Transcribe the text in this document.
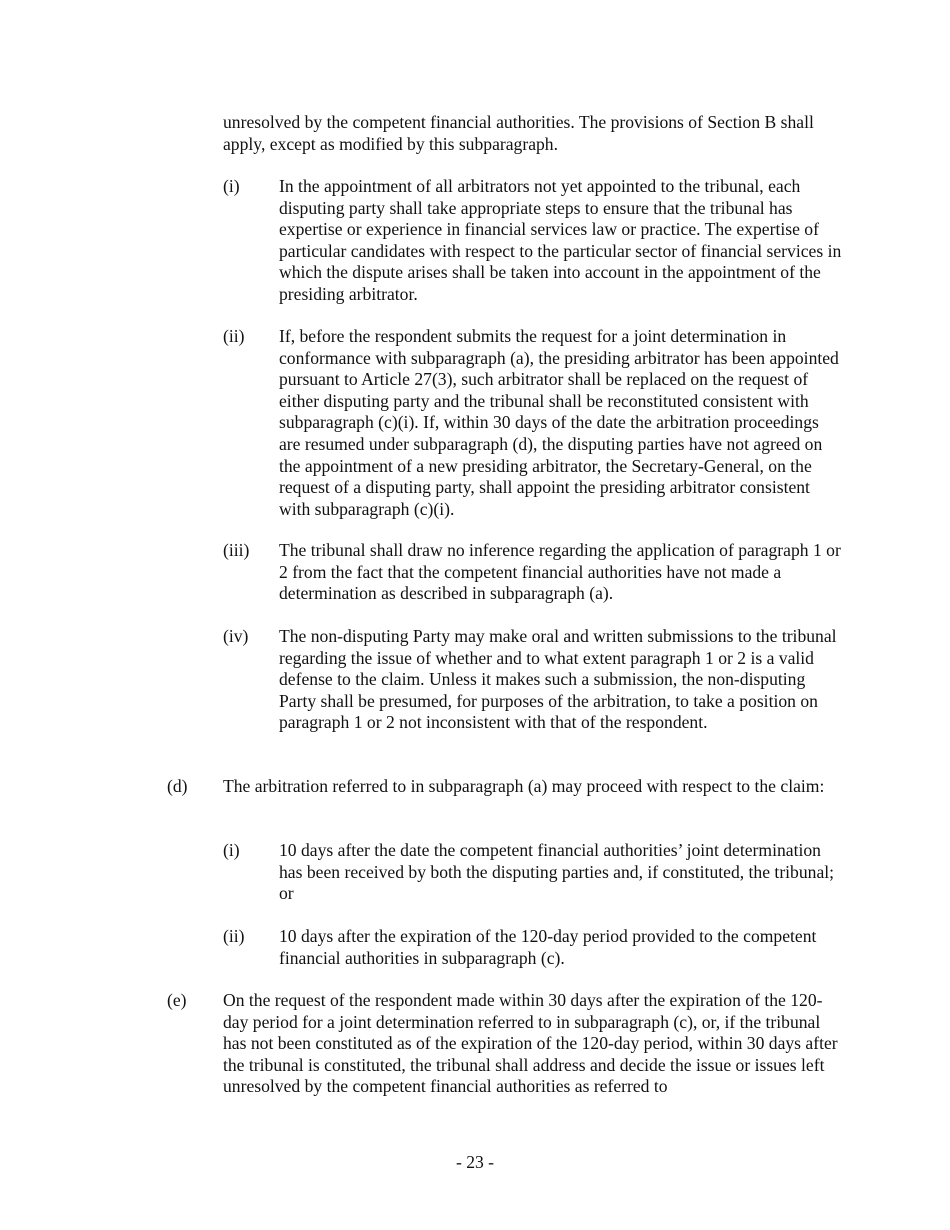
unresolved by the competent financial authorities. The provisions of Section B shall apply, except as modified by this subparagraph.

(i) In the appointment of all arbitrators not yet appointed to the tribunal, each disputing party shall take appropriate steps to ensure that the tribunal has expertise or experience in financial services law or practice. The expertise of particular candidates with respect to the particular sector of financial services in which the dispute arises shall be taken into account in the appointment of the presiding arbitrator.

(ii) If, before the respondent submits the request for a joint determination in conformance with subparagraph (a), the presiding arbitrator has been appointed pursuant to Article 27(3), such arbitrator shall be replaced on the request of either disputing party and the tribunal shall be reconstituted consistent with subparagraph (c)(i). If, within 30 days of the date the arbitration proceedings are resumed under subparagraph (d), the disputing parties have not agreed on the appointment of a new presiding arbitrator, the Secretary-General, on the request of a disputing party, shall appoint the presiding arbitrator consistent with subparagraph (c)(i).

(iii) The tribunal shall draw no inference regarding the application of paragraph 1 or 2 from the fact that the competent financial authorities have not made a determination as described in subparagraph (a).

(iv) The non-disputing Party may make oral and written submissions to the tribunal regarding the issue of whether and to what extent paragraph 1 or 2 is a valid defense to the claim. Unless it makes such a submission, the non-disputing Party shall be presumed, for purposes of the arbitration, to take a position on paragraph 1 or 2 not inconsistent with that of the respondent.

(d) The arbitration referred to in subparagraph (a) may proceed with respect to the claim:

(i) 10 days after the date the competent financial authorities’ joint determination has been received by both the disputing parties and, if constituted, the tribunal; or

(ii) 10 days after the expiration of the 120-day period provided to the competent financial authorities in subparagraph (c).

(e) On the request of the respondent made within 30 days after the expiration of the 120-day period for a joint determination referred to in subparagraph (c), or, if the tribunal has not been constituted as of the expiration of the 120-day period, within 30 days after the tribunal is constituted, the tribunal shall address and decide the issue or issues left unresolved by the competent financial authorities as referred to

- 23 -
